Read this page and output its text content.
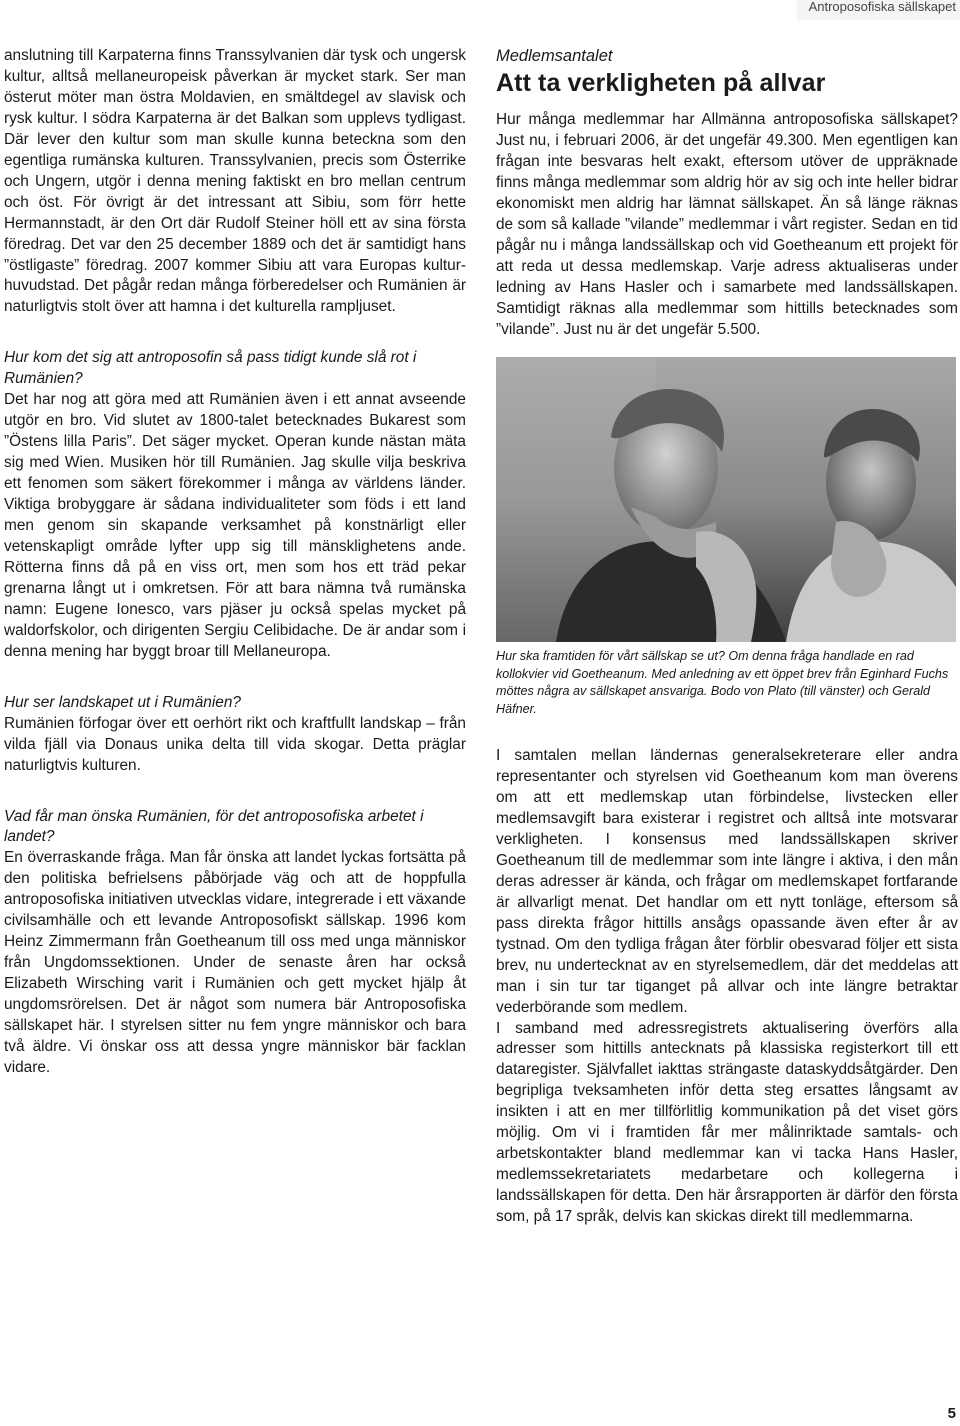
Antroposofiska sällskapet

anslutning till Karpaterna finns Transsylvanien där tysk och ungersk kultur, alltså mellaneuropeisk påverkan är mycket stark. Ser man österut möter man östra Moldavien, en smältdegel av slavisk och rysk kultur. I södra Karpaterna är det Balkan som upplevs tydligast. Där lever den kultur som man skulle kunna beteckna som den egentliga rumänska kulturen. Transsylvanien, precis som Österrike och Ungern, utgör i denna mening faktiskt en bro mellan centrum och öst. För övrigt är det intressant att Sibiu, som förr hette Hermannstadt, är den Ort där Rudolf Steiner höll ett av sina första föredrag. Det var den 25 december 1889 och det är samtidigt hans ”östligaste” föredrag. 2007 kommer Sibiu att vara Europas kulturhuvudstad. Det pågår redan många förberedelser och Rumänien är naturligtvis stolt över att hamna i det kulturella rampljuset.

Hur kom det sig att antroposofin så pass tidigt kunde slå rot i Rumänien?

Det har nog att göra med att Rumänien även i ett annat avseende utgör en bro. Vid slutet av 1800-talet betecknades Bukarest som ”Östens lilla Paris”. Det säger mycket. Operan kunde nästan mäta sig med Wien. Musiken hör till Rumänien. Jag skulle vilja beskriva ett fenomen som säkert förekommer i många av världens länder. Viktiga brobyggare är sådana individualiteter som föds i ett land men genom sin skapande verksamhet på konstnärligt eller vetenskapligt område lyfter upp sig till mänsklighetens ande. Rötterna finns då på en viss ort, men som hos ett träd pekar grenarna långt ut i omkretsen. För att bara nämna två rumänska namn: Eugene Ionesco, vars pjäser ju också spelas mycket på waldorfskolor, och dirigenten Sergiu Celibidache. De är andar som i denna mening har byggt broar till Mellaneuropa.

Hur ser landskapet ut i Rumänien?

Rumänien förfogar över ett oerhört rikt och kraftfullt landskap – från vilda fjäll via Donaus unika delta till vida skogar. Detta präglar naturligtvis kulturen.

Vad får man önska Rumänien, för det antroposofiska arbetet i landet?

En överraskande fråga. Man får önska att landet lyckas fortsätta på den politiska befrielsens påbörjade väg och att de hoppfulla antroposofiska initiativen utvecklas vidare, integrerade i ett växande civilsamhälle och ett levande Antroposofiskt sällskap. 1996 kom Heinz Zimmermann från Goetheanum till oss med unga människor från Ungdomssektionen. Under de senaste åren har också Elizabeth Wirsching varit i Rumänien och gett mycket hjälp åt ungdomsrörelsen. Det är något som numera bär Antroposofiska sällskapet här. I styrelsen sitter nu fem yngre människor och bara två äldre. Vi önskar oss att dessa yngre människor bär facklan vidare.

Medlemsantalet
Att ta verkligheten på allvar

Hur många medlemmar har Allmänna antroposofiska sällskapet? Just nu, i februari 2006, är det ungefär 49.300. Men egentligen kan frågan inte besvaras helt exakt, eftersom utöver de uppräknade finns många medlemmar som aldrig hör av sig och inte heller bidrar ekonomiskt men aldrig har lämnat sällskapet. Än så länge räknas de som så kallade ”vilande” medlemmar i vårt register. Sedan en tid pågår nu i många landssällskap och vid Goetheanum ett projekt för att reda ut dessa medlemskap. Varje adress aktualiseras under ledning av Hans Hasler och i samarbete med landssällskapen. Samtidigt räknas alla medlemmar som hittills betecknades som ”vilande”. Just nu är det ungefär 5.500.

Hur ska framtiden för vårt sällskap se ut? Om denna fråga handlade en rad kollokvier vid Goetheanum. Med anledning av ett öppet brev från Eginhard Fuchs möttes några av sällskapet ansvariga. Bodo von Plato (till vänster) och Gerald Häfner.

I samtalen mellan ländernas generalsekreterare eller andra representanter och styrelsen vid Goetheanum kom man överens om att ett medlemskap utan förbindelse, livstecken eller medlemsavgift bara existerar i registret och alltså inte motsvarar verkligheten. I konsensus med landssällskapen skriver Goetheanum till de medlemmar som inte längre i aktiva, i den mån deras adresser är kända, och frågar om medlemskapet fortfarande är allvarligt menat. Det handlar om ett nytt tonläge, eftersom så pass direkta frågor hittills ansågs opassande även efter år av tystnad. Om den tydliga frågan åter förblir obesvarad följer ett sista brev, nu undertecknat av en styrelsemedlem, där det meddelas att man i sin tur tar tiganget på allvar och inte längre betraktar vederbörande som medlem.

I samband med adressregistrets aktualisering överförs alla adresser som hittills antecknats på klassiska registerkort till ett dataregister. Självfallet iakttas strängaste dataskyddsåtgärder. Den begripliga tveksamheten inför detta steg ersattes långsamt av insikten i att en mer tillförlitlig kommunikation på det viset görs möjlig. Om vi i framtiden får mer målinriktade samtals- och arbetskontakter bland medlemmar kan vi tacka Hans Hasler, medlemssekretariatets medarbetare och kollegerna i landssällskapen för detta. Den här årsrapporten är därför den första som, på 17 språk, delvis kan skickas direkt till medlemmarna.

5
